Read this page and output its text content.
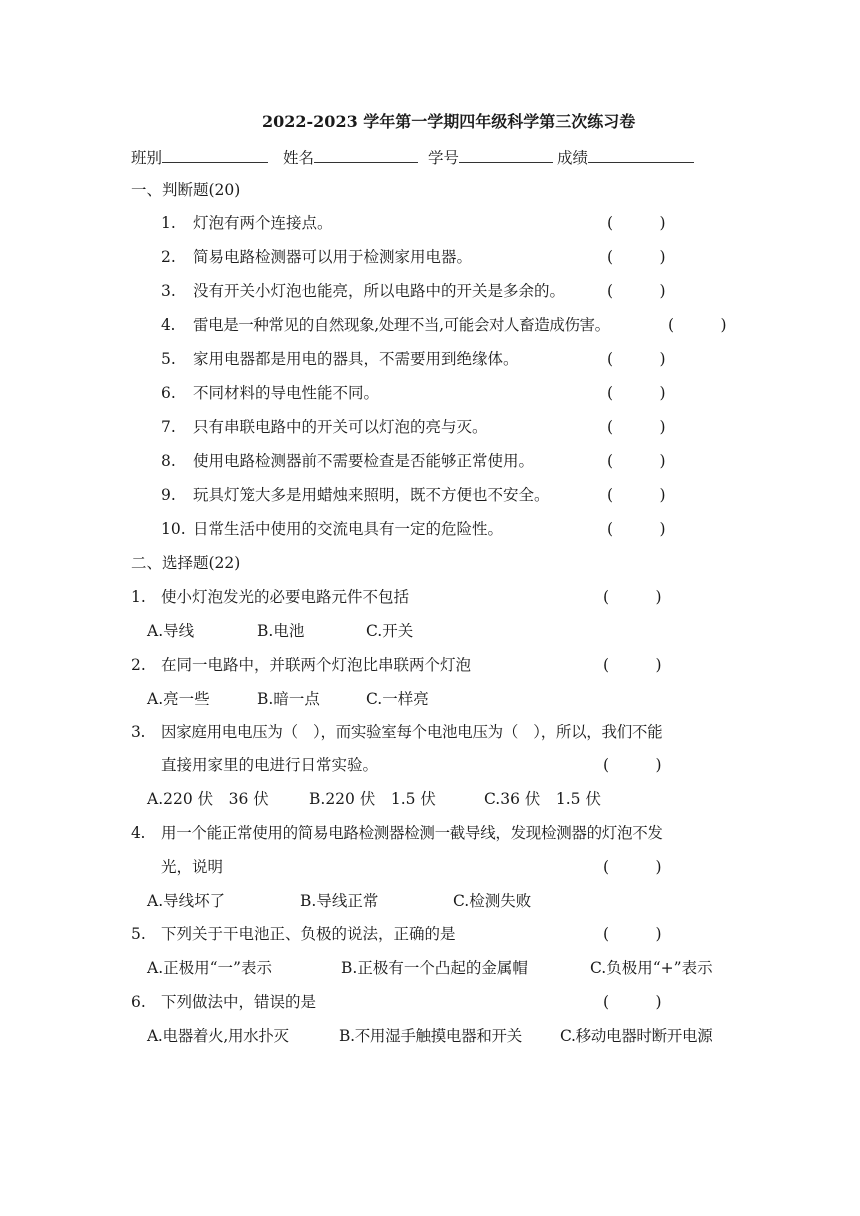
2022-2023 学年第一学期四年级科学第三次练习卷
班别	姓名	学号	成绩
一、判断题(20)
1. 灯泡有两个连接点。	(　　　)
2. 简易电路检测器可以用于检测家用电器。	(　　　)
3. 没有开关小灯泡也能亮，所以电路中的开关是多余的。	(　　　)
4. 雷电是一种常见的自然现象,处理不当,可能会对人畜造成伤害。	(　　　)
5. 家用电器都是用电的器具，不需要用到绝缘体。	(　　　)
6. 不同材料的导电性能不同。	(　　　)
7. 只有串联电路中的开关可以灯泡的亮与灭。	(　　　)
8. 使用电路检测器前不需要检查是否能够正常使用。	(　　　)
9. 玩具灯笼大多是用蜡烛来照明，既不方便也不安全。	(　　　)
10. 日常生活中使用的交流电具有一定的危险性。	(　　　)
二、选择题(22)
1. 使小灯泡发光的必要电路元件不包括	(　　　)
A.导线	B.电池	C.开关
2. 在同一电路中，并联两个灯泡比串联两个灯泡	(　　　)
A.亮一些	B.暗一点	C.一样亮
3. 因家庭用电电压为（　），而实验室每个电池电压为（　），所以，我们不能
直接用家里的电进行日常实验。	(　　　)
A.220 伏　36 伏	B.220 伏　1.5 伏	C.36 伏　1.5 伏
4. 用一个能正常使用的简易电路检测器检测一截导线，发现检测器的灯泡不发
光，说明	(　　　)
A.导线坏了	B.导线正常	C.检测失败
5. 下列关于干电池正、负极的说法，正确的是	(　　　)
A.正极用“一”表示	B.正极有一个凸起的金属帽	C.负极用“+”表示
6. 下列做法中，错误的是	(　　　)
A.电器着火,用水扑灭	B.不用湿手触摸电器和开关 C.移动电器时断开电源
